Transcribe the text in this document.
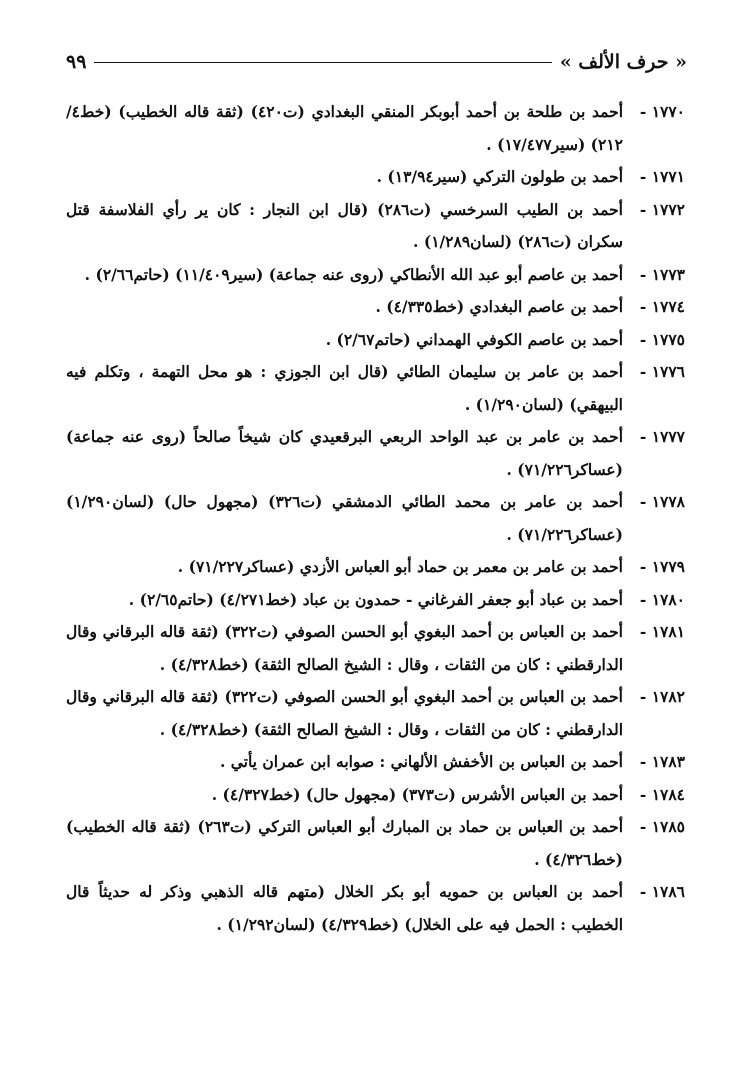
« حرف الألف »
٩٩

١٧٧٠ -
أحمد بن طلحة بن أحمد أبوبكر المنقي البغدادي (ت٤٢٠) (ثقة قاله الخطيب) (خط٤/ ٢١٢) (سير١٧/٤٧٧) .

١٧٧١ -
أحمد بن طولون التركي (سير١٣/٩٤) .

١٧٧٢ -
أحمد بن الطيب السرخسي (ت٢٨٦) (قال ابن النجار : كان ير رأي الفلاسفة قتل سكران (ت٢٨٦) (لسان١/٢٨٩) .

١٧٧٣ -
أحمد بن عاصم أبو عبد الله الأنطاكي (روى عنه جماعة) (سير١١/٤٠٩) (حاتم٢/٦٦) .

١٧٧٤ -
أحمد بن عاصم البغدادي (خط٤/٣٣٥) .

١٧٧٥ -
أحمد بن عاصم الكوفي الهمداني (حاتم٢/٦٧) .

١٧٧٦ -
أحمد بن عامر بن سليمان الطائي (قال ابن الجوزي : هو محل التهمة ، وتكلم فيه البيهقي) (لسان١/٢٩٠) .

١٧٧٧ -
أحمد بن عامر بن عبد الواحد الربعي البرقعيدي كان شيخاً صالحاً (روى عنه جماعة) (عساكر٧١/٢٢٦) .

١٧٧٨ -
أحمد بن عامر بن محمد الطائي الدمشقي (ت٣٢٦) (مجهول حال) (لسان١/٢٩٠) (عساكر٧١/٢٢٦) .

١٧٧٩ -
أحمد بن عامر بن معمر بن حماد أبو العباس الأزدي (عساكر٧١/٢٢٧) .

١٧٨٠ -
أحمد بن عباد أبو جعفر الفرغاني - حمدون بن عباد (خط٤/٢٧١) (حاتم٢/٦٥) .

١٧٨١ -
أحمد بن العباس بن أحمد البغوي أبو الحسن الصوفي (ت٣٢٢) (ثقة قاله البرقاني وقال الدارقطني : كان من الثقات ، وقال : الشيخ الصالح الثقة) (خط٤/٣٢٨) .

١٧٨٢ -
أحمد بن العباس بن أحمد البغوي أبو الحسن الصوفي (ت٣٢٢) (ثقة قاله البرقاني وقال الدارقطني : كان من الثقات ، وقال : الشيخ الصالح الثقة) (خط٤/٣٢٨) .

١٧٨٣ -
أحمد بن العباس بن الأخفش الألهاني : صوابه ابن عمران يأتي .

١٧٨٤ -
أحمد بن العباس الأشرس (ت٣٧٣) (مجهول حال) (خط٤/٣٢٧) .

١٧٨٥ -
أحمد بن العباس بن حماد بن المبارك أبو العباس التركي (ت٢٦٣) (ثقة قاله الخطيب) (خط٤/٣٢٦) .

١٧٨٦ -
أحمد بن العباس بن حمويه أبو بكر الخلال (متهم قاله الذهبي وذكر له حديثاً قال الخطيب : الحمل فيه على الخلال) (خط٤/٣٢٩) (لسان١/٢٩٢) .
